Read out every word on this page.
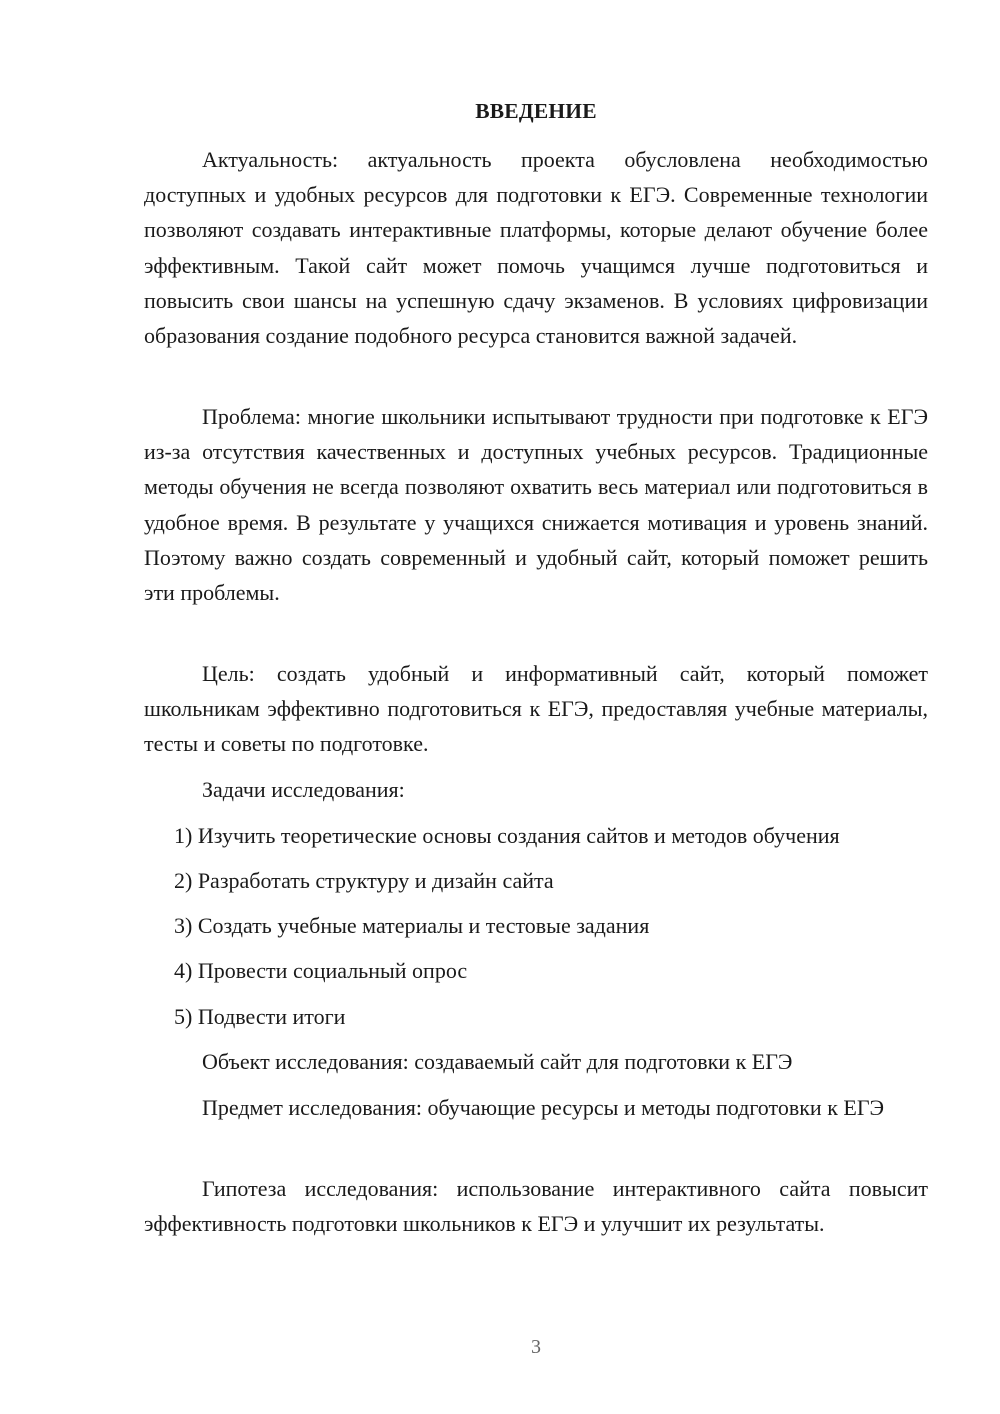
ВВЕДЕНИЕ

Актуальность: актуальность проекта обусловлена необходимостью доступных и удобных ресурсов для подготовки к ЕГЭ. Современные технологии позволяют создавать интерактивные платформы, которые делают обучение более эффективным. Такой сайт может помочь учащимся лучше подготовиться и повысить свои шансы на успешную сдачу экзаменов. В условиях цифровизации образования создание подобного ресурса становится важной задачей.

Проблема: многие школьники испытывают трудности при подготовке к ЕГЭ из-за отсутствия качественных и доступных учебных ресурсов. Традиционные методы обучения не всегда позволяют охватить весь материал или подготовиться в удобное время. В результате у учащихся снижается мотивация и уровень знаний. Поэтому важно создать современный и удобный сайт, который поможет решить эти проблемы.

Цель: создать удобный и информативный сайт, который поможет школьникам эффективно подготовиться к ЕГЭ, предоставляя учебные материалы, тесты и советы по подготовке.

Задачи исследования:

1) Изучить теоретические основы создания сайтов и методов обучения

2) Разработать структуру и дизайн сайта

3) Создать учебные материалы и тестовые задания

4) Провести социальный опрос

5) Подвести итоги

Объект исследования: создаваемый сайт для подготовки к ЕГЭ

Предмет исследования: обучающие ресурсы и методы подготовки к ЕГЭ

Гипотеза исследования: использование интерактивного сайта повысит эффективность подготовки школьников к ЕГЭ и улучшит их результаты.

3
